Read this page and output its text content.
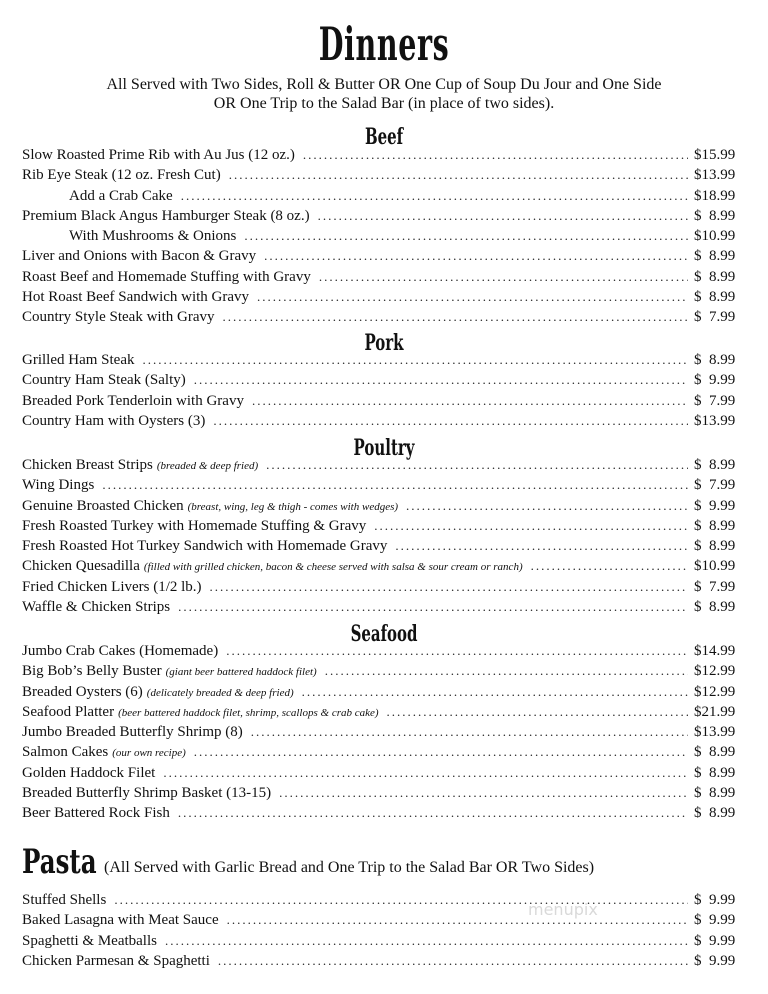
Dinners
All Served with Two Sides, Roll & Butter OR One Cup of Soup Du Jour and One Side
OR One Trip to the Salad Bar (in place of two sides).
Beef
Slow Roasted Prime Rib with Au Jus (12 oz.) .....	$15.99
Rib Eye Steak (12 oz. Fresh Cut) .....	$13.99
Add a Crab Cake .....	$18.99
Premium Black Angus Hamburger Steak (8 oz.) .....	$  8.99
With Mushrooms & Onions .....	$10.99
Liver and Onions with Bacon & Gravy .....	$  8.99
Roast Beef and Homemade Stuffing with Gravy .....	$  8.99
Hot Roast Beef Sandwich with Gravy .....	$  8.99
Country Style Steak with Gravy .....	$  7.99
Pork
Grilled Ham Steak .....	$  8.99
Country Ham Steak (Salty) .....	$  9.99
Breaded Pork Tenderloin with Gravy .....	$  7.99
Country Ham with Oysters (3) .....	$13.99
Poultry
Chicken Breast Strips (breaded & deep fried) .....	$  8.99
Wing Dings .....	$  7.99
Genuine Broasted Chicken (breast, wing, leg & thigh - comes with wedges) .....	$  9.99
Fresh Roasted Turkey with Homemade Stuffing & Gravy .....	$  8.99
Fresh Roasted Hot Turkey Sandwich with Homemade Gravy .....	$  8.99
Chicken Quesadilla (filled with grilled chicken, bacon & cheese served with salsa & sour cream or ranch) .....	$10.99
Fried Chicken Livers (1/2 lb.) .....	$  7.99
Waffle & Chicken Strips .....	$  8.99
Seafood
Jumbo Crab Cakes (Homemade) .....	$14.99
Big Bob’s Belly Buster (giant beer battered haddock filet) .....	$12.99
Breaded Oysters (6) (delicately breaded & deep fried) .....	$12.99
Seafood Platter (beer battered haddock filet, shrimp, scallops & crab cake) .....	$21.99
Jumbo Breaded Butterfly Shrimp (8) .....	$13.99
Salmon Cakes (our own recipe) .....	$  8.99
Golden Haddock Filet .....	$  8.99
Breaded Butterfly Shrimp Basket (13-15) .....	$  8.99
Beer Battered Rock Fish .....	$  8.99
Pasta (All Served with Garlic Bread and One Trip to the Salad Bar OR Two Sides)
Stuffed Shells .....	$  9.99
Baked Lasagna with Meat Sauce .....	$  9.99
Spaghetti & Meatballs .....	$  9.99
Chicken Parmesan & Spaghetti .....	$  9.99
menupix
